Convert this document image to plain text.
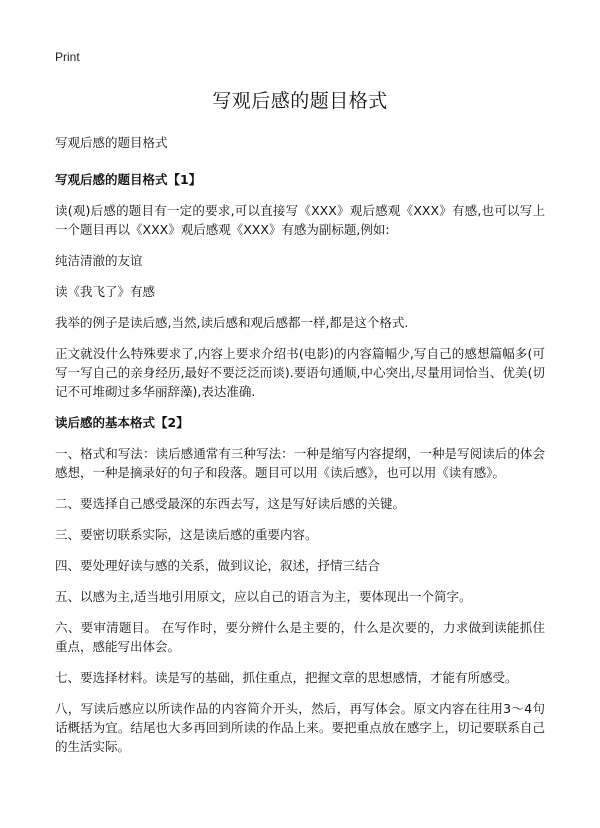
Print
写观后感的题目格式

写观后感的题目格式

写观后感的题目格式【1】

读(观)后感的题目有一定的要求,可以直接写《XXX》观后感观《XXX》有感,也可以写上一个题目再以《XXX》观后感观《XXX》有感为副标题,例如:

纯洁清澈的友谊

读《我飞了》有感

我举的例子是读后感,当然,读后感和观后感都一样,都是这个格式.

正文就没什么特殊要求了,内容上要求介绍书(电影)的内容篇幅少,写自己的感想篇幅多(可写一写自己的亲身经历,最好不要泛泛而谈).要语句通顺,中心突出,尽量用词恰当、优美(切记不可堆砌过多华丽辞藻),表达准确.

读后感的基本格式【2】

一、格式和写法：读后感通常有三种写法：一种是缩写内容提纲，一种是写阅读后的体会感想，一种是摘录好的句子和段落。题目可以用《读后感》，也可以用《读有感》。

二、要选择自己感受最深的东西去写，这是写好读后感的关键。

三、要密切联系实际，这是读后感的重要内容。

四、要处理好读与感的关系，做到议论，叙述，抒情三结合

五、以感为主,适当地引用原文，应以自己的语言为主，要体现出一个简字。

六、要审清题目。 在写作时，要分辨什么是主要的，什么是次要的，力求做到读能抓住重点，感能写出体会。

七、要选择材料。读是写的基础，抓住重点，把握文章的思想感情，才能有所感受。

八，写读后感应以所读作品的内容简介开头，然后，再写体会。原文内容在往用3～4句话概括为宜。结尾也大多再回到所读的作品上来。要把重点放在感字上，切记要联系自己的生活实际。
